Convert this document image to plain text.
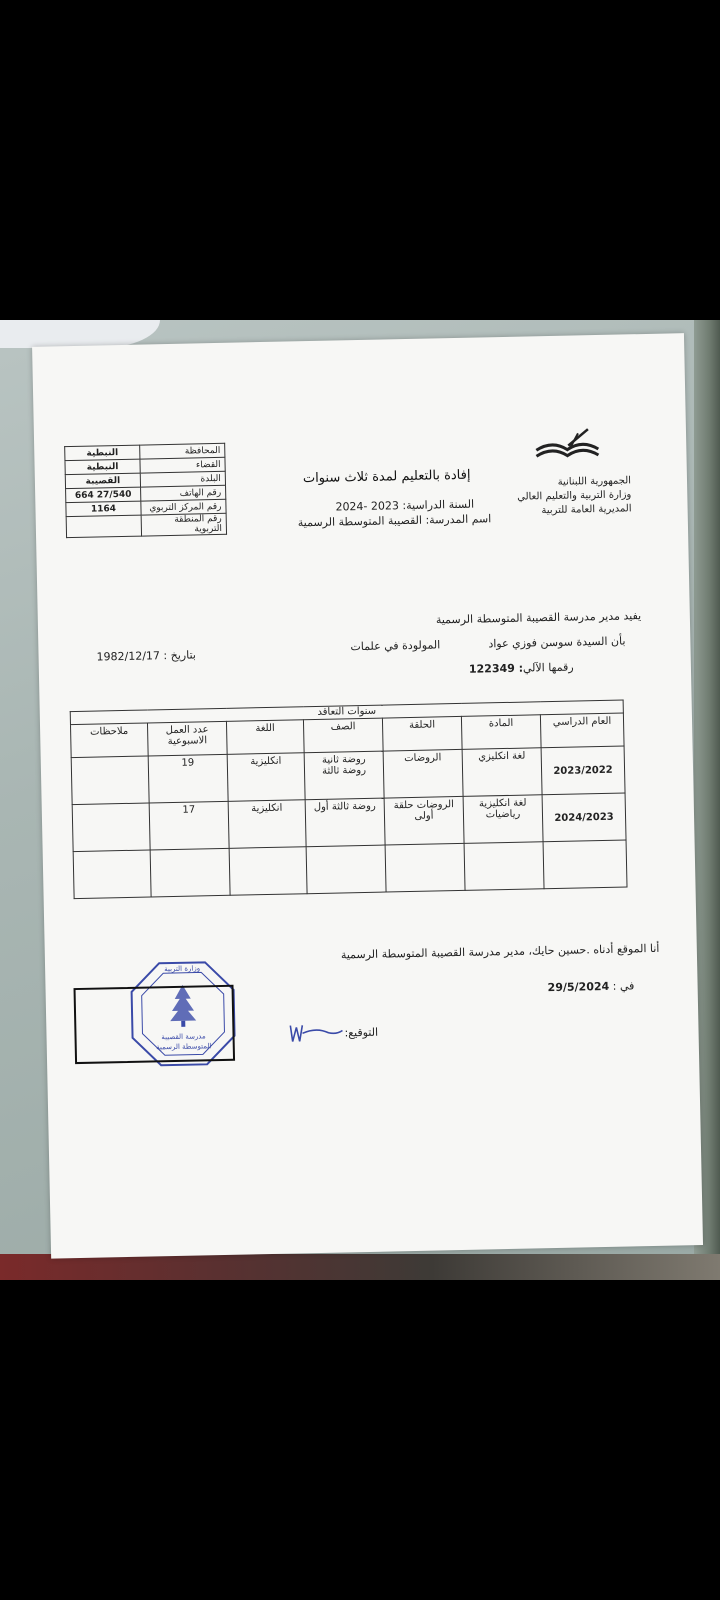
الجمهورية اللبنانية
وزارة التربية والتعليم العالي
المديرية العامة للتربية
النبطية	المحافظة
النبطية	القضاء
القصيبة	البلدة
27/540 664	رقم الهاتف
1164	رقم المركز التربوي
	رقم المنطقة التربوية
إفادة بالتعليم لمدة ثلاث سنوات
السنة الدراسية: 2023 -2024
اسم المدرسة: القصيبة المتوسطة الرسمية
يفيد مدير مدرسة القصيبة المتوسطة الرسمية
بأن السيدة سوسن فوزي عواد
المولودة في علمات
بتاريخ : 1982/12/17
رقمها الآلي
: 122349
سنوات التعاقد						
العام الدراسي	المادة	الحلقة	الصف	اللغة	عدد العمل الاسبوعية	ملاحظات
2023/2022	لغة انكليزي	الروضات	روضة ثانية روضة ثالثة	انكليزية	19	
2024/2023	لغة انكليزية رياضيات	الروضات حلقة أولى	روضة ثالثة أول	انكليزية	17	

أنا الموقع أدناه .حسين حايك، مدير مدرسة القصيبة المتوسطة الرسمية
في : 29/5/2024
التوقيع:
وزارة التربية
مدرسة القصيبة
المتوسطة الرسمية
